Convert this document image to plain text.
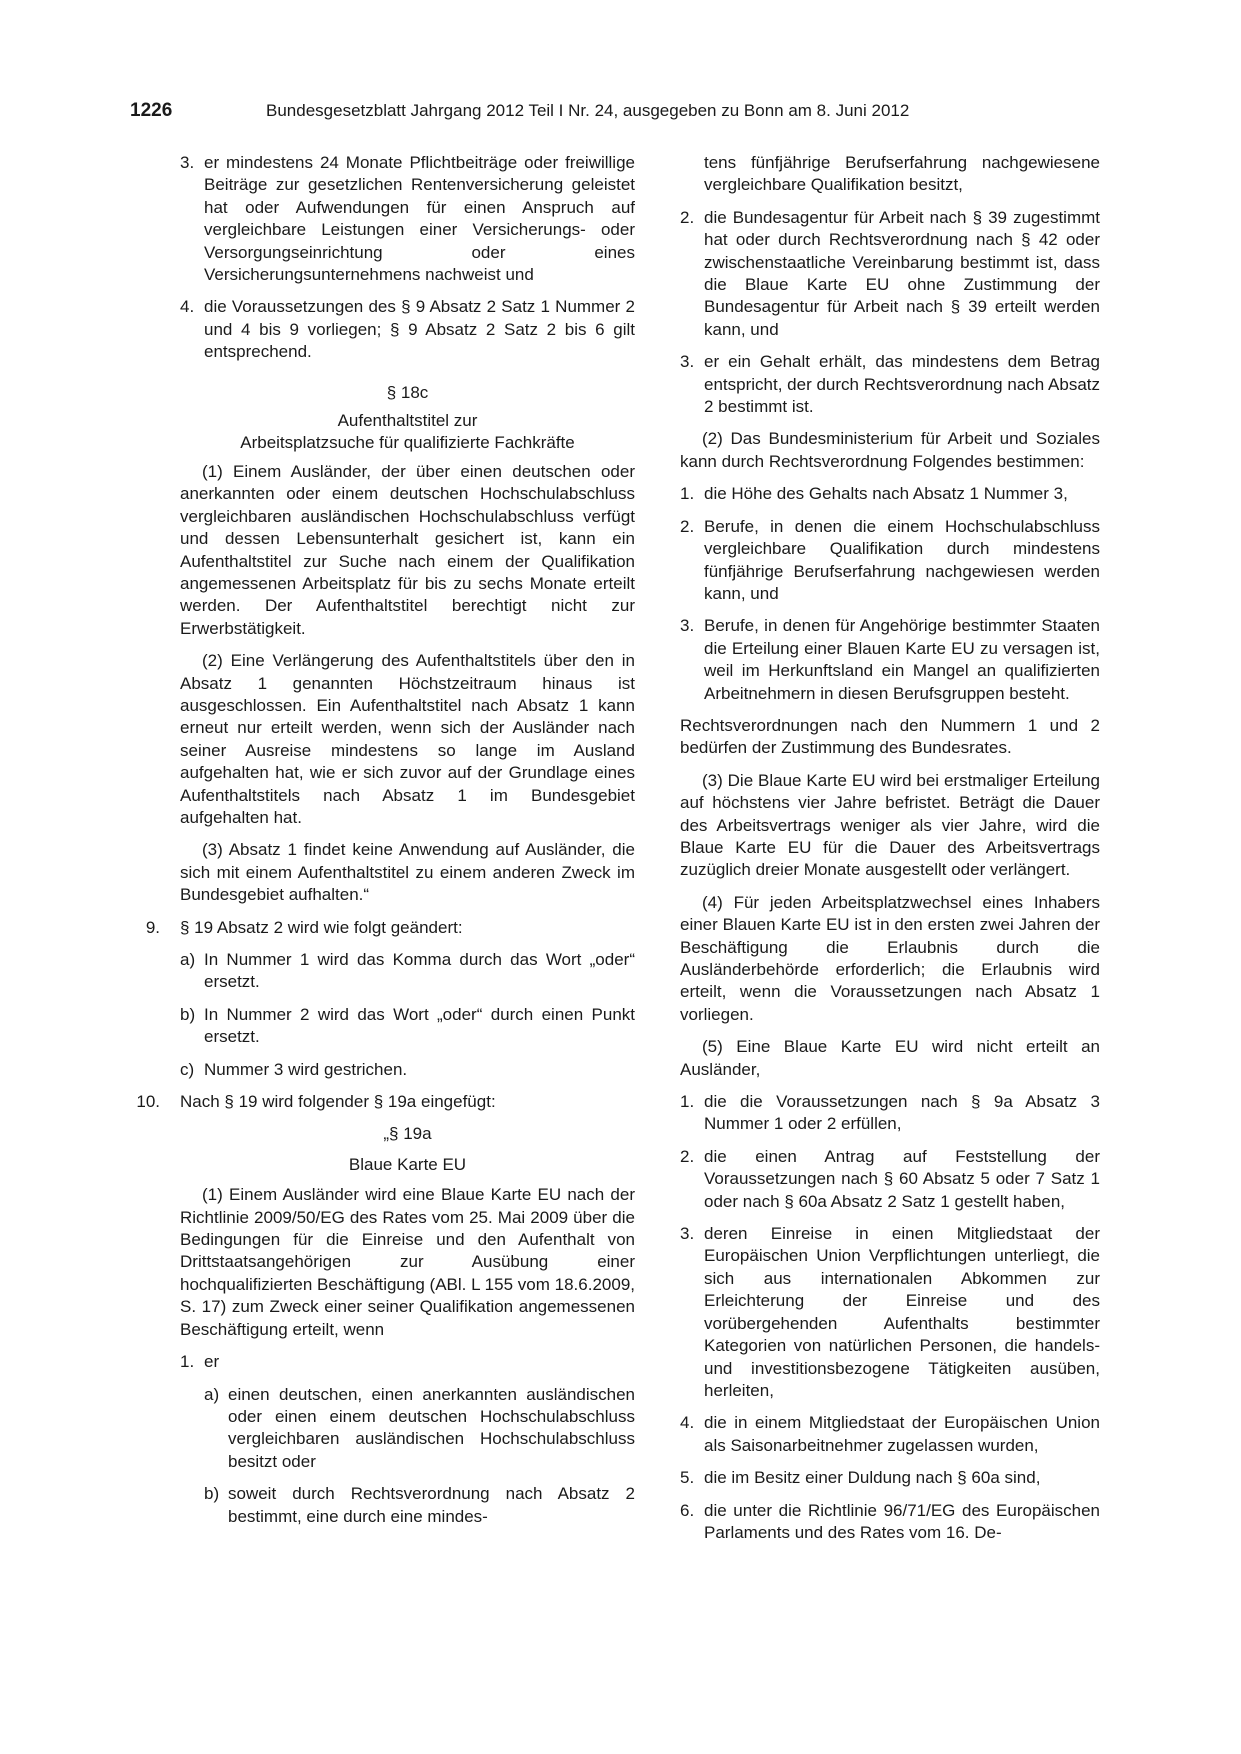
1226	Bundesgesetzblatt Jahrgang 2012 Teil I Nr. 24, ausgegeben zu Bonn am 8. Juni 2012
3. er mindestens 24 Monate Pflichtbeiträge oder freiwillige Beiträge zur gesetzlichen Rentenversicherung geleistet hat oder Aufwendungen für einen Anspruch auf vergleichbare Leistungen einer Versicherungs- oder Versorgungseinrichtung oder eines Versicherungsunternehmens nachweist und
4. die Voraussetzungen des § 9 Absatz 2 Satz 1 Nummer 2 und 4 bis 9 vorliegen; § 9 Absatz 2 Satz 2 bis 6 gilt entsprechend.

§ 18c

Aufenthaltstitel zur

Arbeitsplatzsuche für qualifizierte Fachkräfte

(1) Einem Ausländer, der über einen deutschen oder anerkannten oder einem deutschen Hochschulabschluss vergleichbaren ausländischen Hochschulabschluss verfügt und dessen Lebensunterhalt gesichert ist, kann ein Aufenthaltstitel zur Suche nach einem der Qualifikation angemessenen Arbeitsplatz für bis zu sechs Monate erteilt werden. Der Aufenthaltstitel berechtigt nicht zur Erwerbstätigkeit.

(2) Eine Verlängerung des Aufenthaltstitels über den in Absatz 1 genannten Höchstzeitraum hinaus ist ausgeschlossen. Ein Aufenthaltstitel nach Absatz 1 kann erneut nur erteilt werden, wenn sich der Ausländer nach seiner Ausreise mindestens so lange im Ausland aufgehalten hat, wie er sich zuvor auf der Grundlage eines Aufenthaltstitels nach Absatz 1 im Bundesgebiet aufgehalten hat.

(3) Absatz 1 findet keine Anwendung auf Ausländer, die sich mit einem Aufenthaltstitel zu einem anderen Zweck im Bundesgebiet aufhalten.“

9. § 19 Absatz 2 wird wie folgt geändert:
a) In Nummer 1 wird das Komma durch das Wort „oder“ ersetzt.
b) In Nummer 2 wird das Wort „oder“ durch einen Punkt ersetzt.
c) Nummer 3 wird gestrichen.
10. Nach § 19 wird folgender § 19a eingefügt:

„§ 19a

Blaue Karte EU

(1) Einem Ausländer wird eine Blaue Karte EU nach der Richtlinie 2009/50/EG des Rates vom 25. Mai 2009 über die Bedingungen für die Einreise und den Aufenthalt von Drittstaatsangehörigen zur Ausübung einer hochqualifizierten Beschäftigung (ABl. L 155 vom 18.6.2009, S. 17) zum Zweck einer seiner Qualifikation angemessenen Beschäftigung erteilt, wenn

1. er
a) einen deutschen, einen anerkannten ausländischen oder einen einem deutschen Hochschulabschluss vergleichbaren ausländischen Hochschulabschluss besitzt oder
b) soweit durch Rechtsverordnung nach Absatz 2 bestimmt, eine durch eine mindes-
tens fünfjährige Berufserfahrung nachgewiesene vergleichbare Qualifikation besitzt,
2. die Bundesagentur für Arbeit nach § 39 zugestimmt hat oder durch Rechtsverordnung nach § 42 oder zwischenstaatliche Vereinbarung bestimmt ist, dass die Blaue Karte EU ohne Zustimmung der Bundesagentur für Arbeit nach § 39 erteilt werden kann, und
3. er ein Gehalt erhält, das mindestens dem Betrag entspricht, der durch Rechtsverordnung nach Absatz 2 bestimmt ist.

(2) Das Bundesministerium für Arbeit und Soziales kann durch Rechtsverordnung Folgendes bestimmen:

1. die Höhe des Gehalts nach Absatz 1 Nummer 3,
2. Berufe, in denen die einem Hochschulabschluss vergleichbare Qualifikation durch mindestens fünfjährige Berufserfahrung nachgewiesen werden kann, und
3. Berufe, in denen für Angehörige bestimmter Staaten die Erteilung einer Blauen Karte EU zu versagen ist, weil im Herkunftsland ein Mangel an qualifizierten Arbeitnehmern in diesen Berufsgruppen besteht.

Rechtsverordnungen nach den Nummern 1 und 2 bedürfen der Zustimmung des Bundesrates.

(3) Die Blaue Karte EU wird bei erstmaliger Erteilung auf höchstens vier Jahre befristet. Beträgt die Dauer des Arbeitsvertrags weniger als vier Jahre, wird die Blaue Karte EU für die Dauer des Arbeitsvertrags zuzüglich dreier Monate ausgestellt oder verlängert.

(4) Für jeden Arbeitsplatzwechsel eines Inhabers einer Blauen Karte EU ist in den ersten zwei Jahren der Beschäftigung die Erlaubnis durch die Ausländerbehörde erforderlich; die Erlaubnis wird erteilt, wenn die Voraussetzungen nach Absatz 1 vorliegen.

(5) Eine Blaue Karte EU wird nicht erteilt an Ausländer,

1. die die Voraussetzungen nach § 9a Absatz 3 Nummer 1 oder 2 erfüllen,
2. die einen Antrag auf Feststellung der Voraussetzungen nach § 60 Absatz 5 oder 7 Satz 1 oder nach § 60a Absatz 2 Satz 1 gestellt haben,
3. deren Einreise in einen Mitgliedstaat der Europäischen Union Verpflichtungen unterliegt, die sich aus internationalen Abkommen zur Erleichterung der Einreise und des vorübergehenden Aufenthalts bestimmter Kategorien von natürlichen Personen, die handels- und investitionsbezogene Tätigkeiten ausüben, herleiten,
4. die in einem Mitgliedstaat der Europäischen Union als Saisonarbeitnehmer zugelassen wurden,
5. die im Besitz einer Duldung nach § 60a sind,
6. die unter die Richtlinie 96/71/EG des Europäischen Parlaments und des Rates vom 16. De-
